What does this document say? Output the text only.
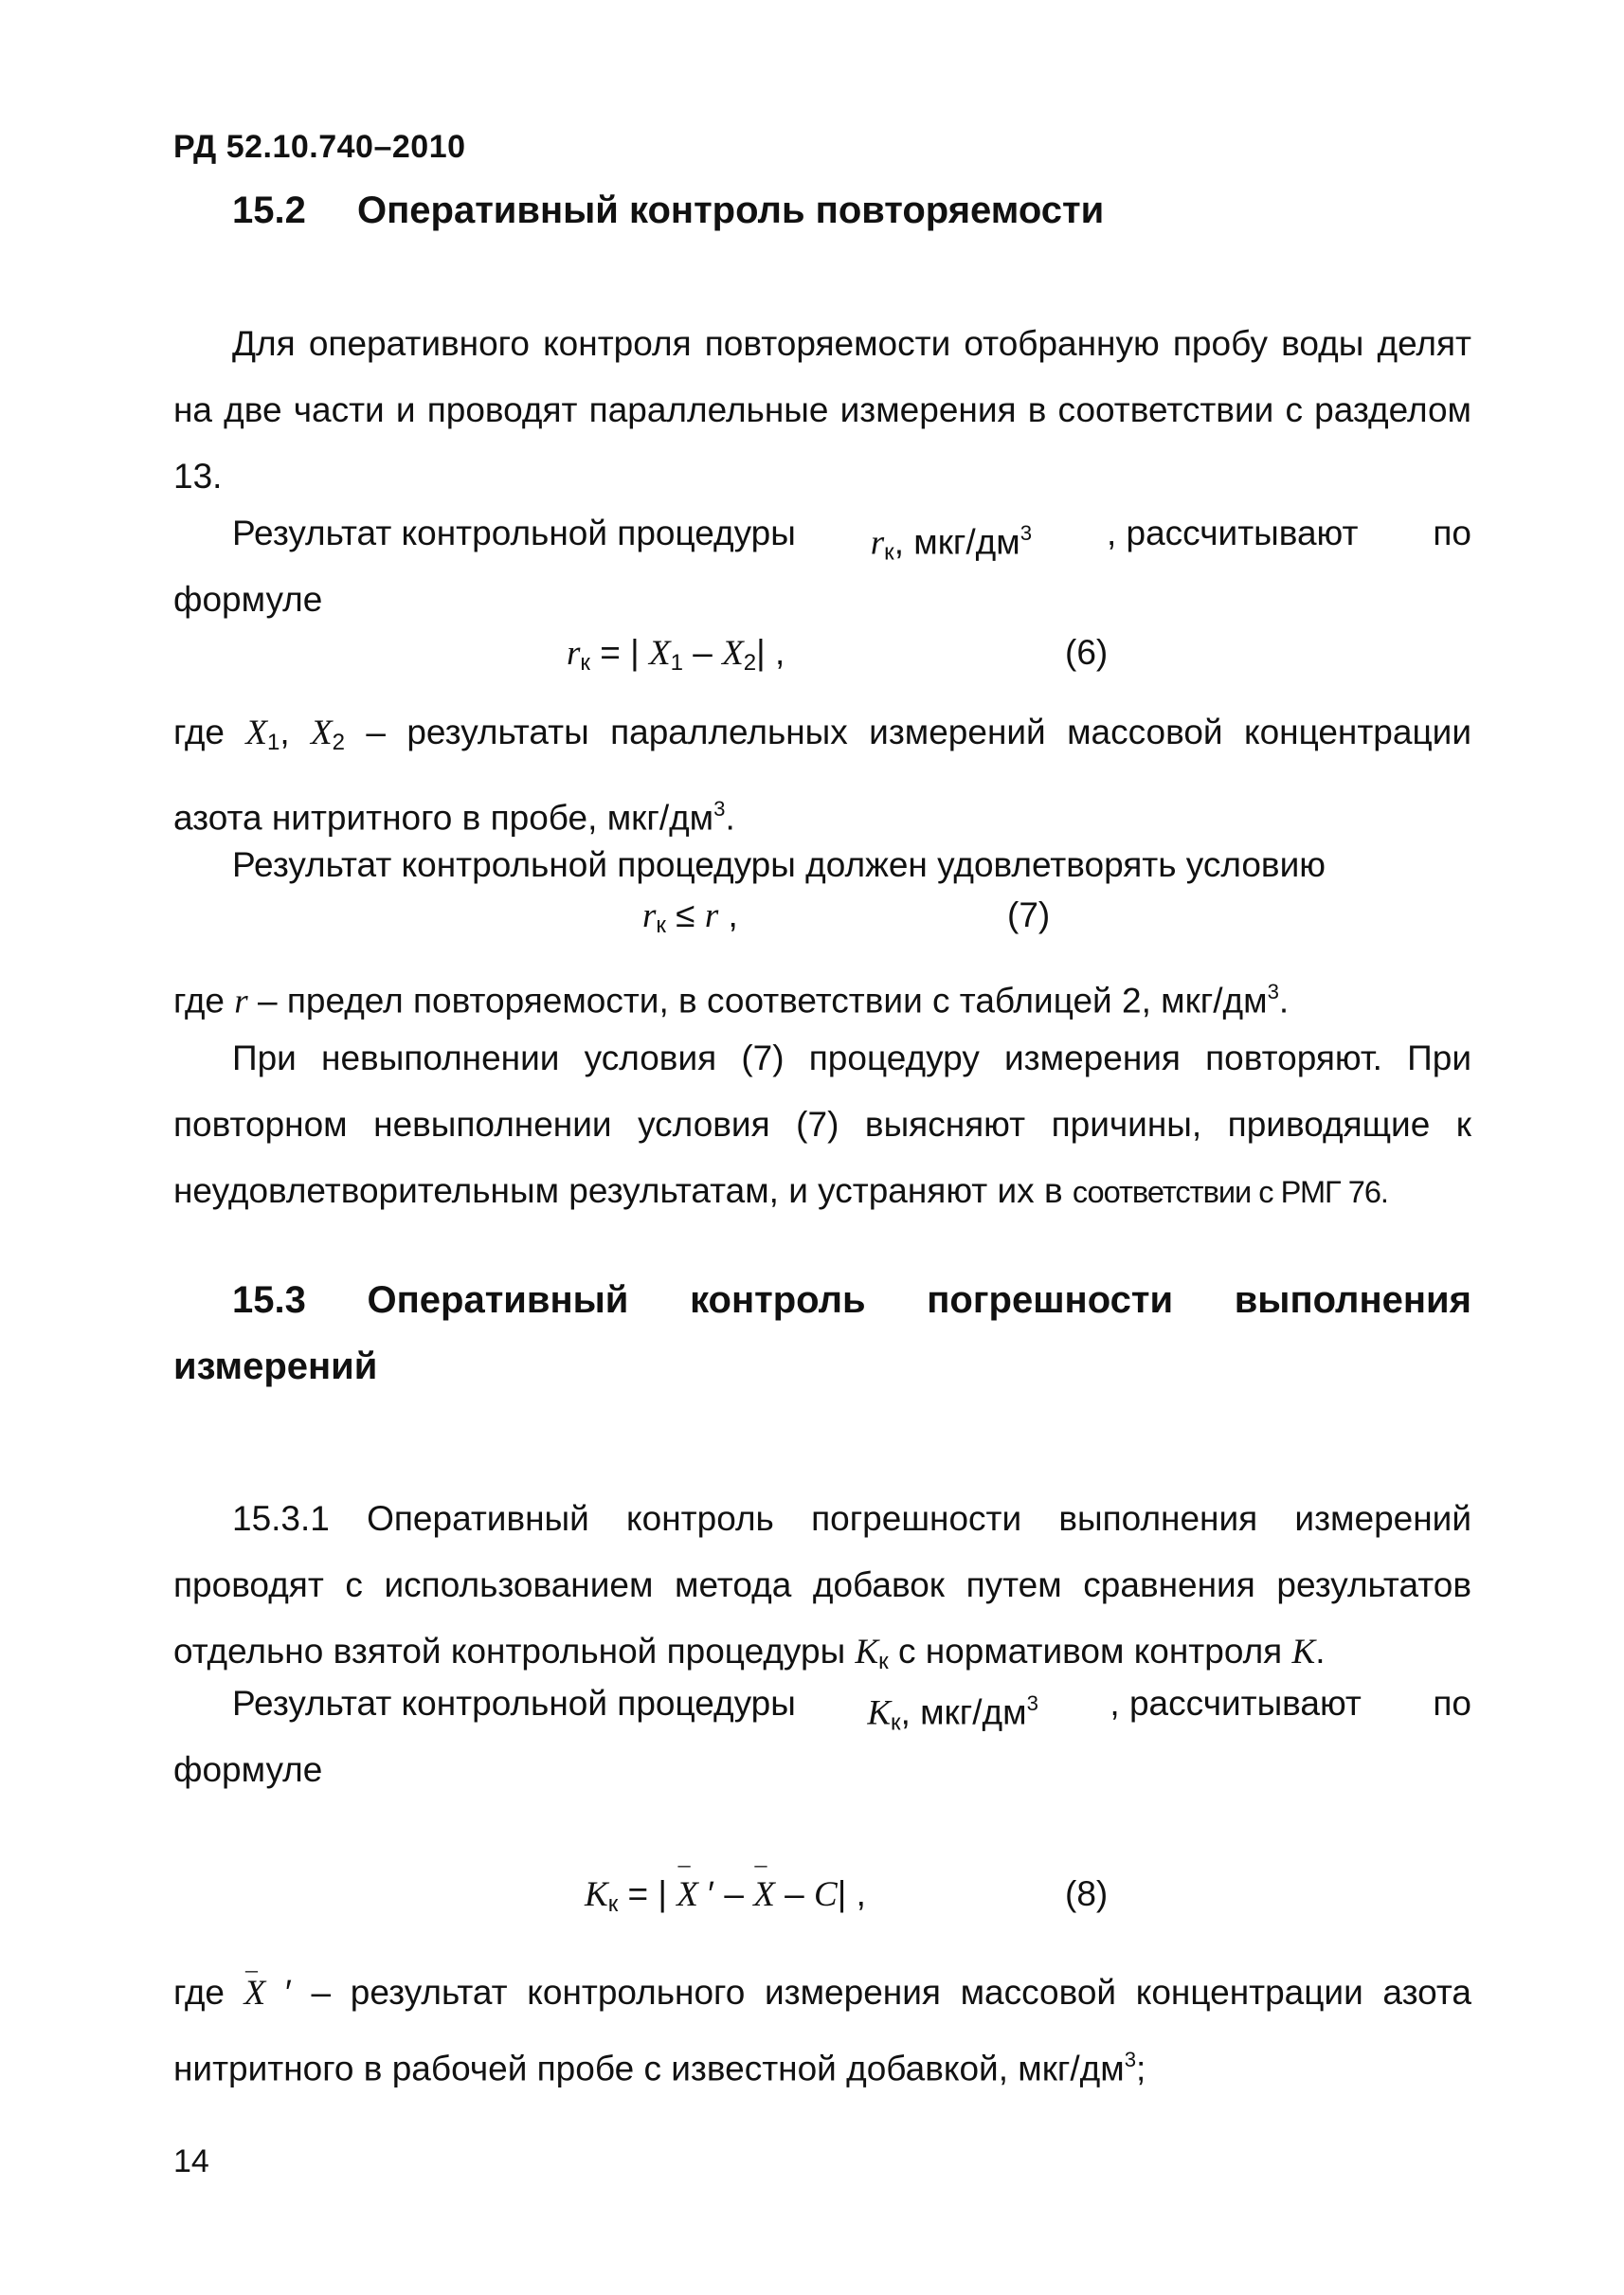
РД 52.10.740–2010
15.2 Оперативный контроль повторяемости

Для оперативного контроля повторяемости отобранную пробу воды делят на две части и проводят параллельные измерения в соответствии с разделом 13.

Результат контрольной процедуры $r_к$, мкг/$дм^3$ , рассчитывают по

формуле

$r_к$ = | $X_1 - X_2|$ ,	(6)

где $X_1$, $X_2$ – результаты параллельных измерений массовой концентрации азота нитритного в пробе, мкг/$дм^3$.

Результат контрольной процедуры должен удовлетворять условию

$r_к \le r$ ,	(7)

где r – предел повторяемости, в соответствии с таблицей 2, мкг/$дм^3$.

При невыполнении условия (7) процедуру измерения повторяют. При повторном невыполнении условия (7) выясняют причины, приводящие к неудовлетворительным результатам, и устраняют их в соответствии с РМГ 76.

15.3 Оперативный контроль погрешности выполнения
измерений

15.3.1 Оперативный контроль погрешности выполнения измерений проводят с использованием метода добавок путем сравнения результатов отдельно взятой контрольной процедуры $K_к$ с нормативом контроля K.

Результат контрольной процедуры $K_к$, мкг/$дм^3$ , рассчитывают по

формуле

$K_к$ = | – X ′ – – X – C| ,	(8)

где – X ′ – результат контрольного измерения массовой концентрации азота нитритного в рабочей пробе с известной добавкой, мкг/$дм^3$;

14
